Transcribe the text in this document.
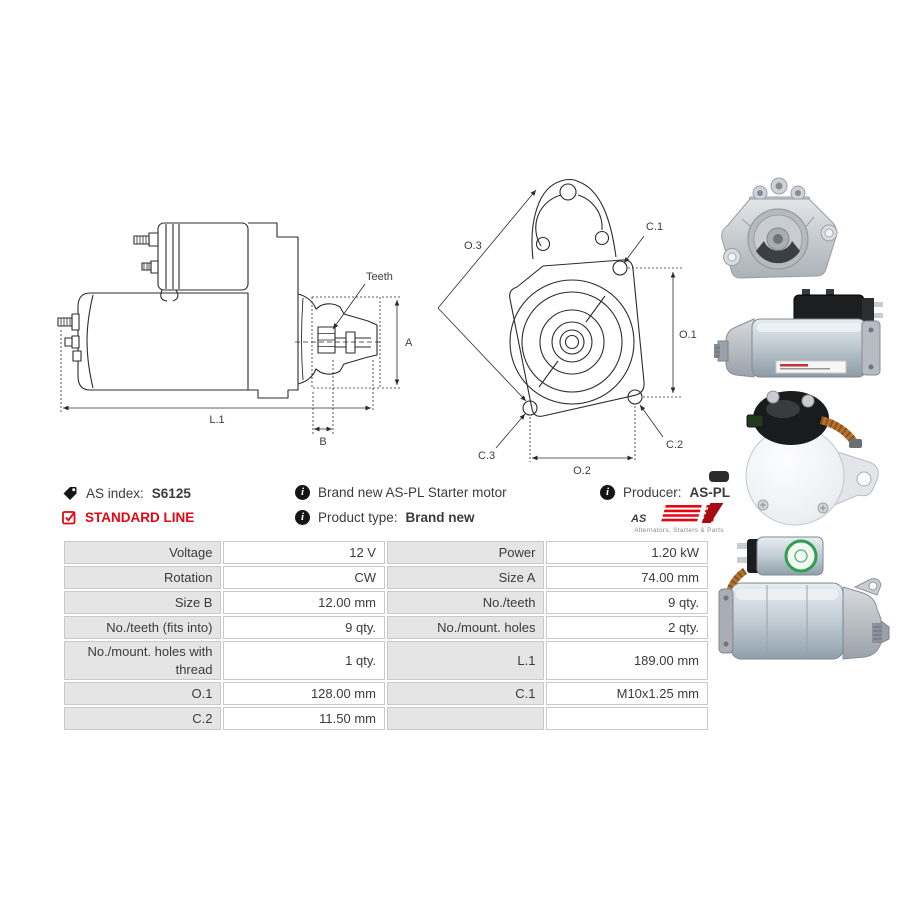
A
Teeth
L.1
B
O.3
C.1
O.1
C.2
C.3
O.2
AS index: S6125
STANDARD LINE
i	Brand new AS-PL Starter motor
i	Product type: Brand new
i	Producer: AS-PL
AS
Alternators, Starters & Parts
Voltage	12 V	Power	1.20 kW
Rotation	CW	Size A	74.00 mm
Size B	12.00 mm	No./teeth	9 qty.
No./teeth (fits into)	9 qty.	No./mount. holes	2 qty.
No./mount. holes with thread	1 qty.	L.1	189.00 mm
O.1	128.00 mm	C.1	M10x1.25 mm
C.2	11.50 mm		
